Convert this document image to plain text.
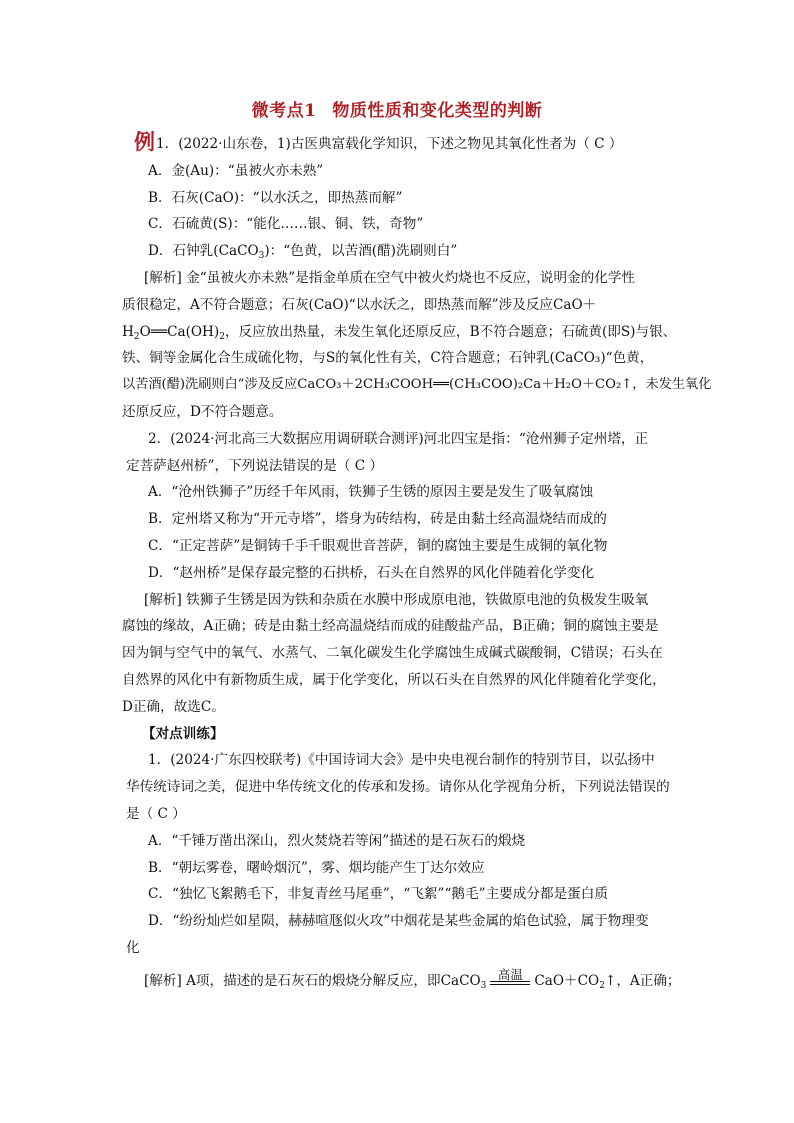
微考点1 物质性质和变化类型的判断
例1．(2022·山东卷，1)古医典富载化学知识，下述之物见其氧化性者为（ C ）
A．金(Au)：“虽被火亦未熟”
B．石灰(CaO)：“以水沃之，即热蒸而解”
C．石硫黄(S)：“能化……银、铜、铁，奇物”
D．石钟乳(CaCO$_3$)：“色黄，以苦酒(醋)洗刷则白”
[解析] 金“虽被火亦未熟”是指金单质在空气中被火灼烧也不反应，说明金的化学性
质很稳定，A不符合题意；石灰(CaO)“以水沃之，即热蒸而解”涉及反应CaO＋
$H_2O══Ca(OH)_2$，反应放出热量，未发生氧化还原反应，B不符合题意；石硫黄(即S)与银、
铁、铜等金属化合生成硫化物，与S的氧化性有关，C符合题意；石钟乳(CaCO₃)“色黄，
以苦酒(醋)洗刷则白”涉及反应CaCO₃＋2CH₃COOH══(CH₃COO)₂Ca＋H₂O＋CO₂↑，未发生氧化
还原反应，D不符合题意。
2．(2024·河北高三大数据应用调研联合测评)河北四宝是指：“沧州狮子定州塔，正
定菩萨赵州桥”，下列说法错误的是（ C ）
A．“沧州铁狮子”历经千年风雨，铁狮子生锈的原因主要是发生了吸氧腐蚀
B．定州塔又称为“开元寺塔”，塔身为砖结构，砖是由黏土经高温烧结而成的
C．“正定菩萨”是铜铸千手千眼观世音菩萨，铜的腐蚀主要是生成铜的氧化物
D．“赵州桥”是保存最完整的石拱桥，石头在自然界的风化伴随着化学变化
[解析] 铁狮子生锈是因为铁和杂质在水膜中形成原电池，铁做原电池的负极发生吸氧
腐蚀的缘故，A正确；砖是由黏土经高温烧结而成的硅酸盐产品，B正确；铜的腐蚀主要是
因为铜与空气中的氧气、水蒸气、二氧化碳发生化学腐蚀生成碱式碳酸铜，C错误；石头在
自然界的风化中有新物质生成，属于化学变化，所以石头在自然界的风化伴随着化学变化，
D正确，故选C。
【对点训练】
1．(2024·广东四校联考)《中国诗词大会》是中央电视台制作的特别节目，以弘扬中
华传统诗词之美，促进中华传统文化的传承和发扬。请你从化学视角分析，下列说法错误的
是（ C ）
A．“千锤万凿出深山，烈火焚烧若等闲”描述的是石灰石的煅烧
B．“朝坛雾卷，曙岭烟沉”，雾、烟均能产生丁达尔效应
C．“独忆飞絮鹅毛下，非复青丝马尾垂”，“飞絮”“鹅毛”主要成分都是蛋白质
D．“纷纷灿烂如星陨，赫赫喧豗似火攻”中烟花是某些金属的焰色试验，属于物理变
化
[解析] A项，描述的是石灰石的煅烧分解反应，即CaCO$_3$
高温 $CaO+CO_2↑$，A正确；
